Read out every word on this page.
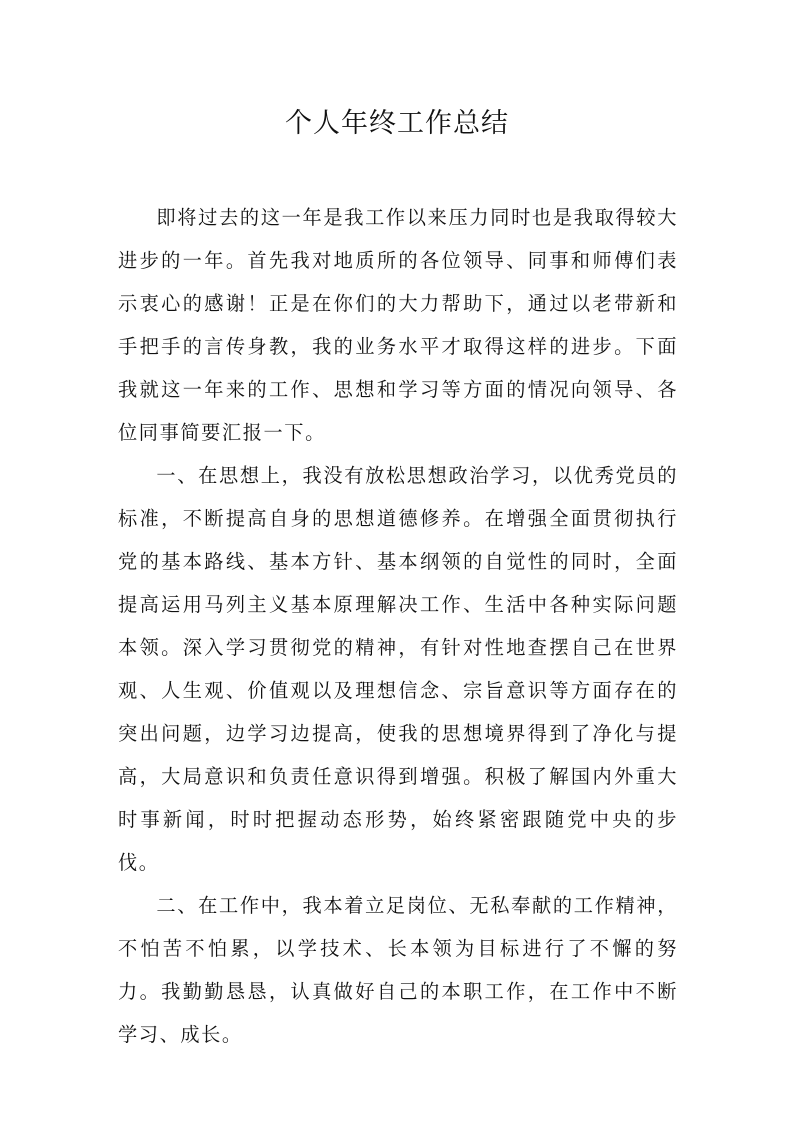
个人年终工作总结

即将过去的这一年是我工作以来压力同时也是我取得较大进步的一年。首先我对地质所的各位领导、同事和师傅们表示衷心的感谢！正是在你们的大力帮助下，通过以老带新和手把手的言传身教，我的业务水平才取得这样的进步。下面我就这一年来的工作、思想和学习等方面的情况向领导、各位同事简要汇报一下。

一、在思想上，我没有放松思想政治学习，以优秀党员的标准，不断提高自身的思想道德修养。在增强全面贯彻执行党的基本路线、基本方针、基本纲领的自觉性的同时，全面提高运用马列主义基本原理解决工作、生活中各种实际问题本领。深入学习贯彻党的精神，有针对性地查摆自己在世界观、人生观、价值观以及理想信念、宗旨意识等方面存在的突出问题，边学习边提高，使我的思想境界得到了净化与提高，大局意识和负责任意识得到增强。积极了解国内外重大时事新闻，时时把握动态形势，始终紧密跟随党中央的步伐。

二、在工作中，我本着立足岗位、无私奉献的工作精神，不怕苦不怕累，以学技术、长本领为目标进行了不懈的努力。我勤勤恳恳，认真做好自己的本职工作，在工作中不断学习、成长。
